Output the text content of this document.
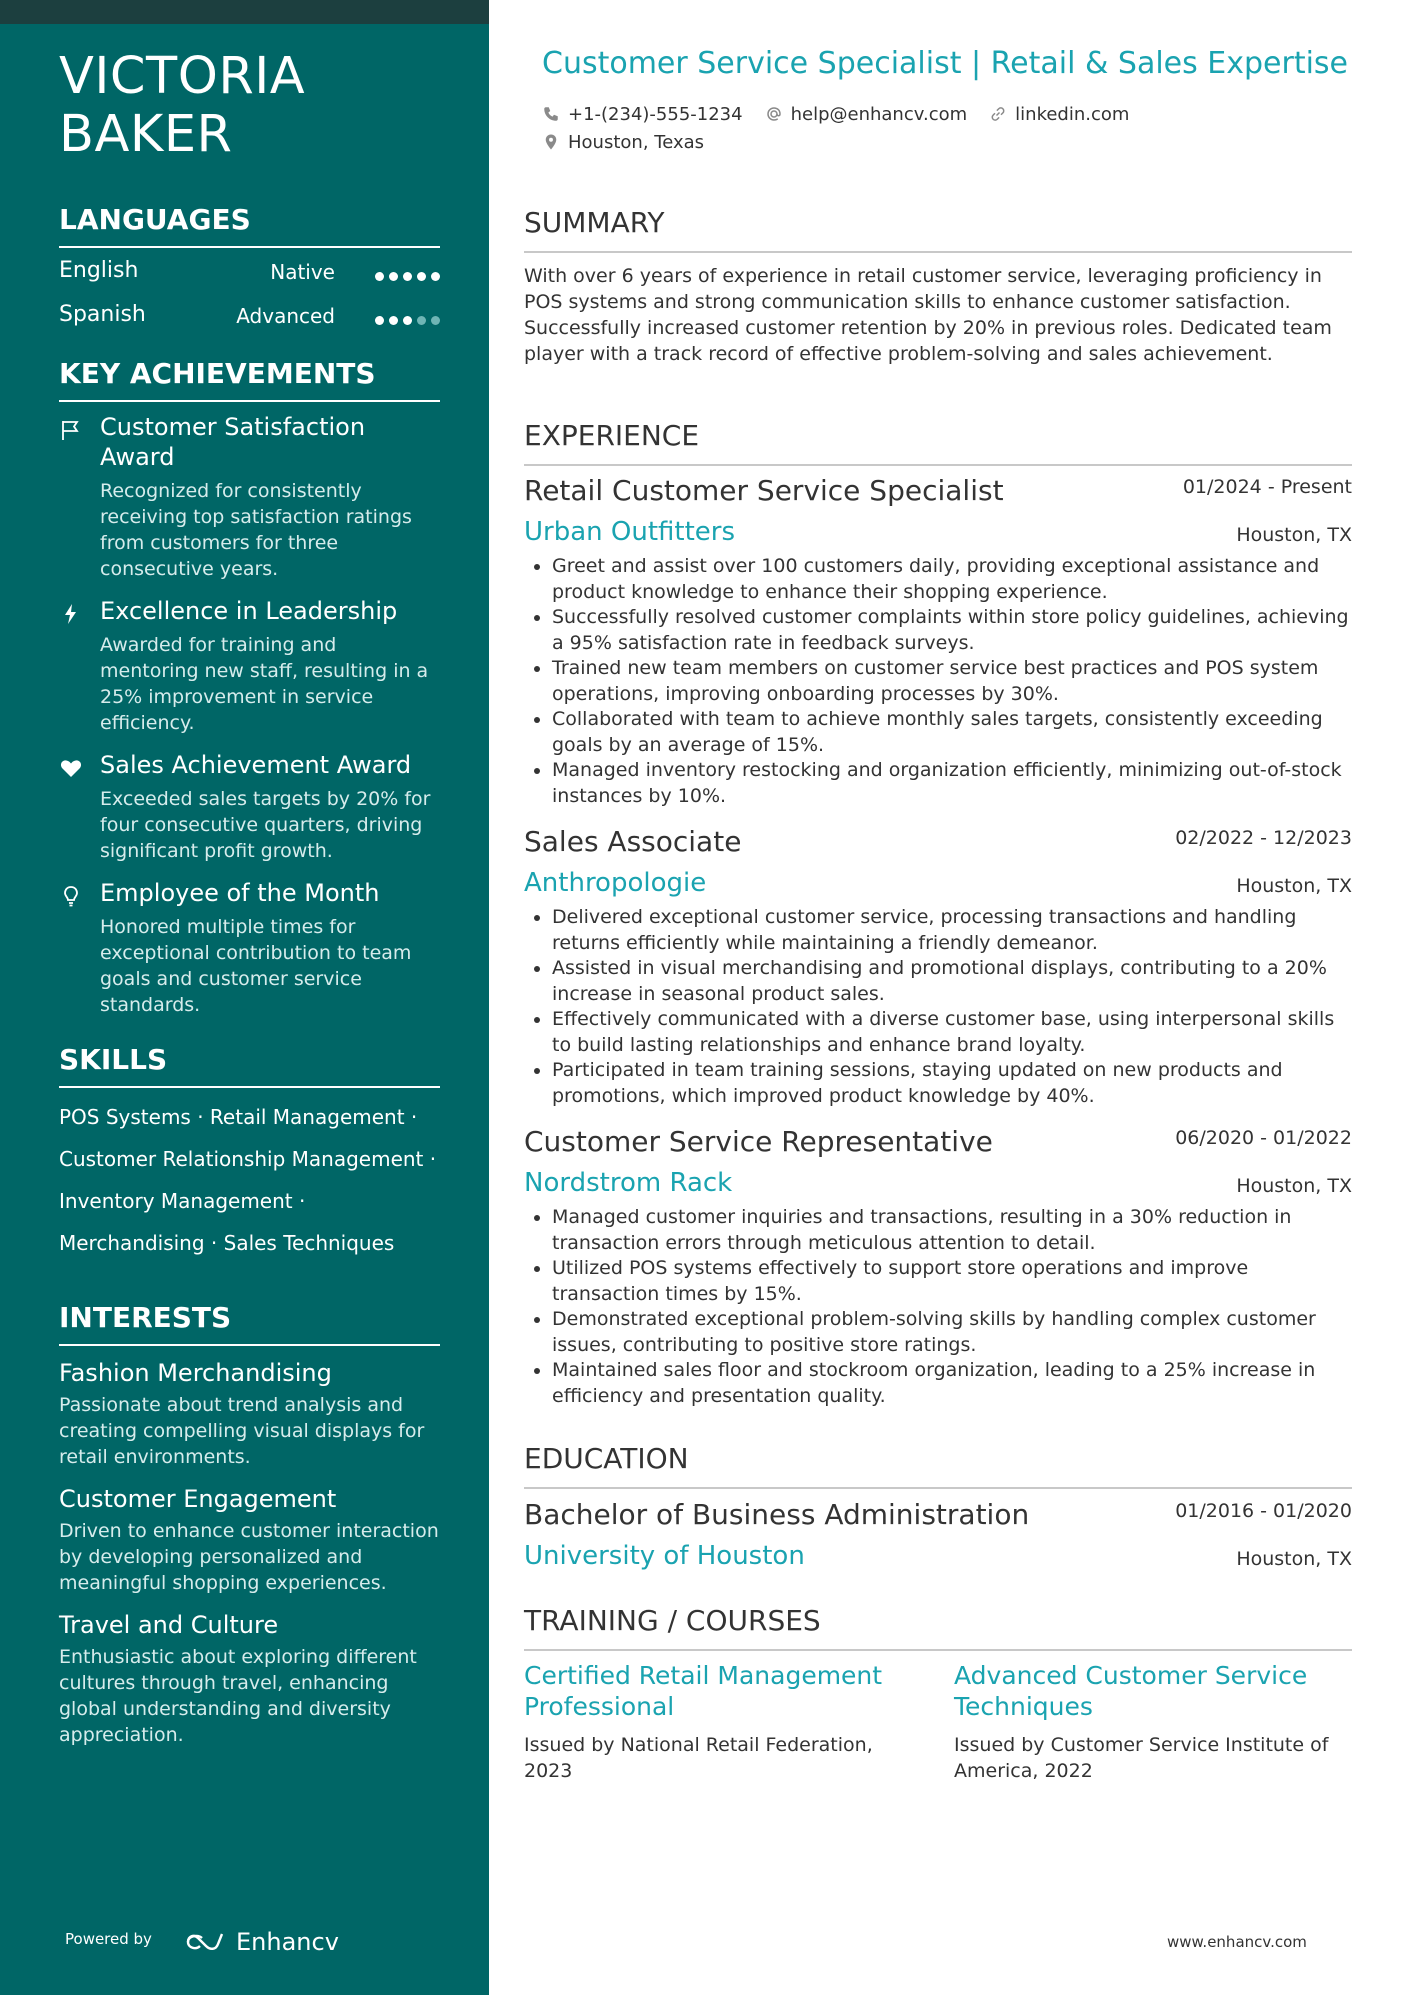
VICTORIA
BAKER
LANGUAGES
English	Native
Spanish	Advanced
KEY ACHIEVEMENTS
Customer Satisfaction Award
Recognized for consistently receiving top satisfaction ratings from customers for three consecutive years.
Excellence in Leadership
Awarded for training and mentoring new staff, resulting in a 25% improvement in service efficiency.
Sales Achievement Award
Exceeded sales targets by 20% for four consecutive quarters, driving significant profit growth.
Employee of the Month
Honored multiple times for exceptional contribution to team goals and customer service standards.
SKILLS
POS Systems · Retail Management ·
Customer Relationship Management ·
Inventory Management ·
Merchandising · Sales Techniques
INTERESTS
Fashion Merchandising
Passionate about trend analysis and creating compelling visual displays for retail environments.
Customer Engagement
Driven to enhance customer interaction by developing personalized and meaningful shopping experiences.
Travel and Culture
Enthusiastic about exploring different cultures through travel, enhancing global understanding and diversity appreciation.
Powered by	Enhancv
Customer Service Specialist | Retail & Sales Expertise
+1-(234)-555-1234	help@enhancv.com	linkedin.com
Houston, Texas
SUMMARY
With over 6 years of experience in retail customer service, leveraging proficiency in POS systems and strong communication skills to enhance customer satisfaction. Successfully increased customer retention by 20% in previous roles. Dedicated team player with a track record of effective problem-solving and sales achievement.
EXPERIENCE
Retail Customer Service Specialist	01/2024 - Present
Urban Outfitters	Houston, TX
• Greet and assist over 100 customers daily, providing exceptional assistance and product knowledge to enhance their shopping experience.
• Successfully resolved customer complaints within store policy guidelines, achieving a 95% satisfaction rate in feedback surveys.
• Trained new team members on customer service best practices and POS system operations, improving onboarding processes by 30%.
• Collaborated with team to achieve monthly sales targets, consistently exceeding goals by an average of 15%.
• Managed inventory restocking and organization efficiently, minimizing out-of-stock instances by 10%.
Sales Associate	02/2022 - 12/2023
Anthropologie	Houston, TX
• Delivered exceptional customer service, processing transactions and handling returns efficiently while maintaining a friendly demeanor.
• Assisted in visual merchandising and promotional displays, contributing to a 20% increase in seasonal product sales.
• Effectively communicated with a diverse customer base, using interpersonal skills to build lasting relationships and enhance brand loyalty.
• Participated in team training sessions, staying updated on new products and promotions, which improved product knowledge by 40%.
Customer Service Representative	06/2020 - 01/2022
Nordstrom Rack	Houston, TX
• Managed customer inquiries and transactions, resulting in a 30% reduction in transaction errors through meticulous attention to detail.
• Utilized POS systems effectively to support store operations and improve transaction times by 15%.
• Demonstrated exceptional problem-solving skills by handling complex customer issues, contributing to positive store ratings.
• Maintained sales floor and stockroom organization, leading to a 25% increase in efficiency and presentation quality.
EDUCATION
Bachelor of Business Administration	01/2016 - 01/2020
University of Houston	Houston, TX
TRAINING / COURSES
Certified Retail Management Professional
Issued by National Retail Federation, 2023
Advanced Customer Service Techniques
Issued by Customer Service Institute of America, 2022
www.enhancv.com
